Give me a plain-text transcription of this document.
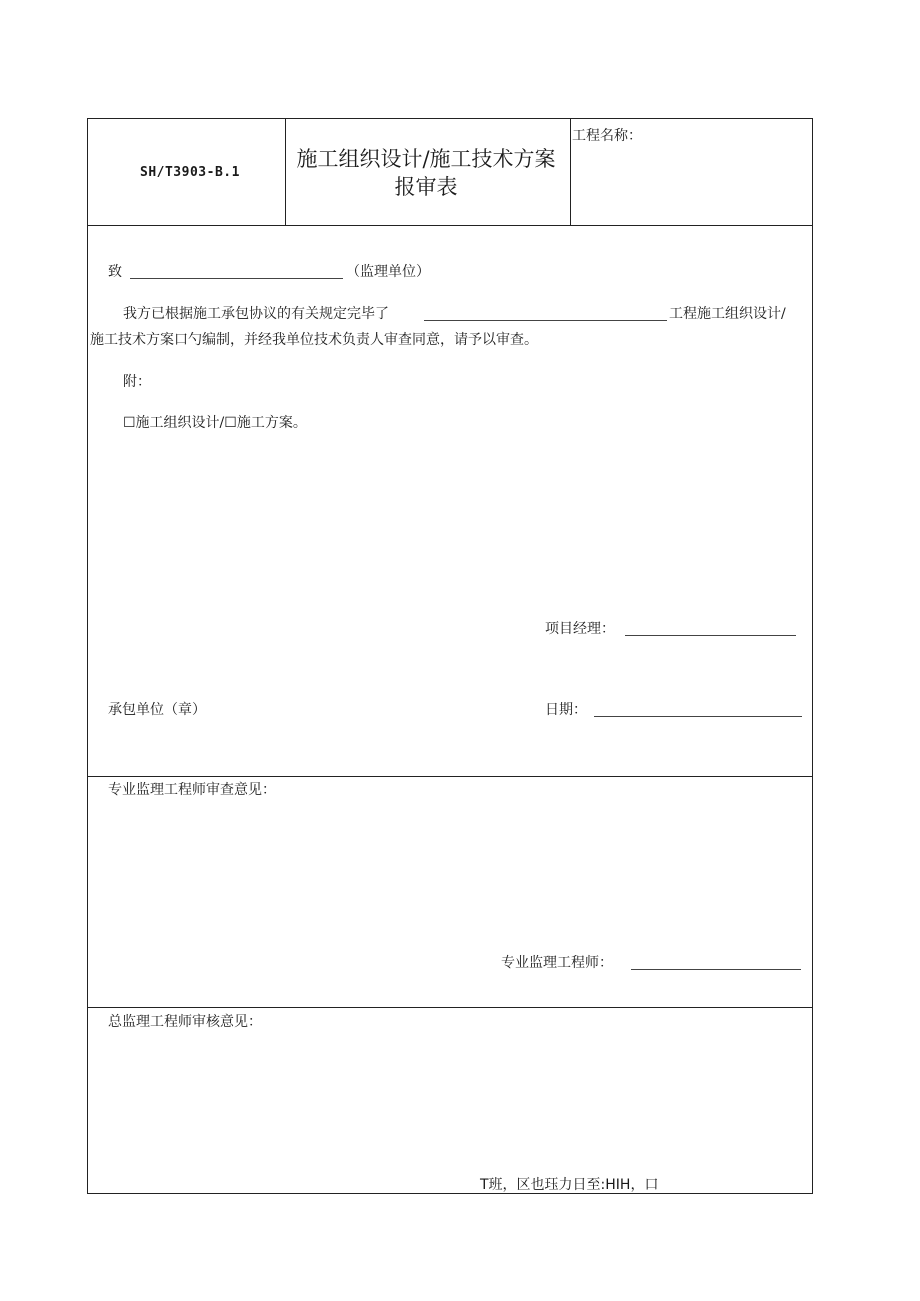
SH/T3903-B.1
施工组织设计/施工技术方案报审表
工程名称：
致	（监理单位）
我方已根据施工承包协议的有关规定完毕了	工程施工组织设计/
施工技术方案口勺编制，并经我单位技术负责人审查同意，请予以审查。
附：
☐施工组织设计/☐施工方案。
项目经理：
承包单位（章）	日期：
专业监理工程师审查意见：
专业监理工程师：
总监理工程师审核意见：
T班，区也珏力日至:HIH，口
